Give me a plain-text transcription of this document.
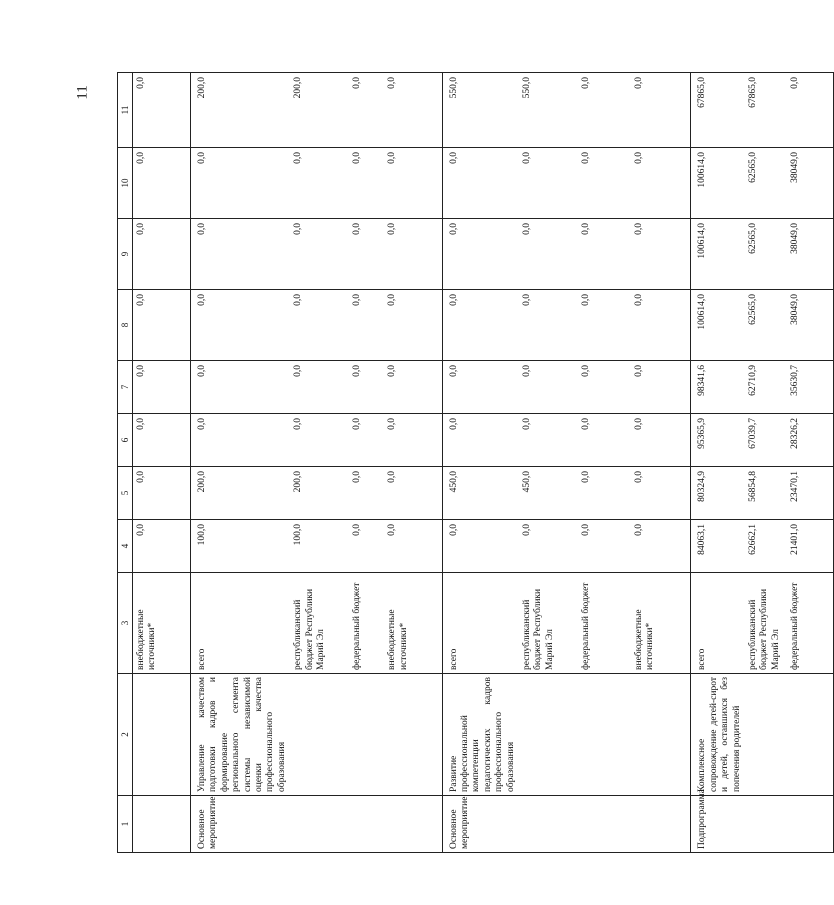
11
1	2	3	4	5	6	7	8	9	10	11
		внебюджетные источники*	0,0	0,0	0,0	0,0	0,0	0,0	0,0	0,0
Основное мероприятие	Управление качеством подготовки кадров и формирование регионального сегмента системы независимой оценки качества профессионального образования	всего	100,0	200,0	0,0	0,0	0,0	0,0	0,0	200,0
		республиканский бюджет Республики Марий Эл	100,0	200,0	0,0	0,0	0,0	0,0	0,0	200,0
		федеральный бюджет	0,0	0,0	0,0	0,0	0,0	0,0	0,0	0,0
		внебюджетные источники*	0,0	0,0	0,0	0,0	0,0	0,0	0,0	0,0
Основное мероприятие	Развитие профессиональной компетенции педагогических кадров профессионального образования	всего	0,0	450,0	0,0	0,0	0,0	0,0	0,0	550,0
		республиканский бюджет Республики Марий Эл	0,0	450,0	0,0	0,0	0,0	0,0	0,0	550,0
		федеральный бюджет	0,0	0,0	0,0	0,0	0,0	0,0	0,0	0,0
		внебюджетные источники*	0,0	0,0	0,0	0,0	0,0	0,0	0,0	0,0
Подпрограмма	Комплексное сопровождение детей-сирот и детей, оставшихся без попечения родителей	всего	84063,1	80324,9	95365,9	98341,6	100614,0	100614,0	100614,0	67865,0
		республиканский бюджет Республики Марий Эл	62662,1	56854,8	67039,7	62710,9	62565,0	62565,0	62565,0	67865,0
		федеральный бюджет	21401,0	23470,1	28326,2	35630,7	38049,0	38049,0	38049,0	0,0
